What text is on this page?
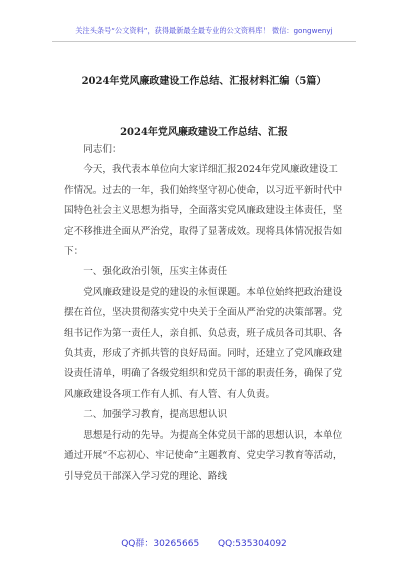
关注头条号“公文资料”，获得最新最全最专业的公文资料库！ 微信：gongwenyj
2024年党风廉政建设工作总结、汇报材料汇编（5篇）
2024年党风廉政建设工作总结、汇报

同志们：

今天，我代表本单位向大家详细汇报2024年党风廉政建设工作情况。过去的一年，我们始终坚守初心使命，以习近平新时代中国特色社会主义思想为指导，全面落实党风廉政建设主体责任，坚定不移推进全面从严治党，取得了显著成效。现将具体情况报告如下：

一、强化政治引领，压实主体责任

党风廉政建设是党的建设的永恒课题。本单位始终把政治建设摆在首位，坚决贯彻落实党中央关于全面从严治党的决策部署。党组书记作为第一责任人，亲自抓、负总责，班子成员各司其职、各负其责，形成了齐抓共管的良好局面。同时，还建立了党风廉政建设责任清单，明确了各级党组织和党员干部的职责任务，确保了党风廉政建设各项工作有人抓、有人管、有人负责。

二、加强学习教育，提高思想认识

思想是行动的先导。为提高全体党员干部的思想认识，本单位通过开展“不忘初心、牢记使命”主题教育、党史学习教育等活动，引导党员干部深入学习党的理论、路线

QQ群：30265665 QQ:535304092
